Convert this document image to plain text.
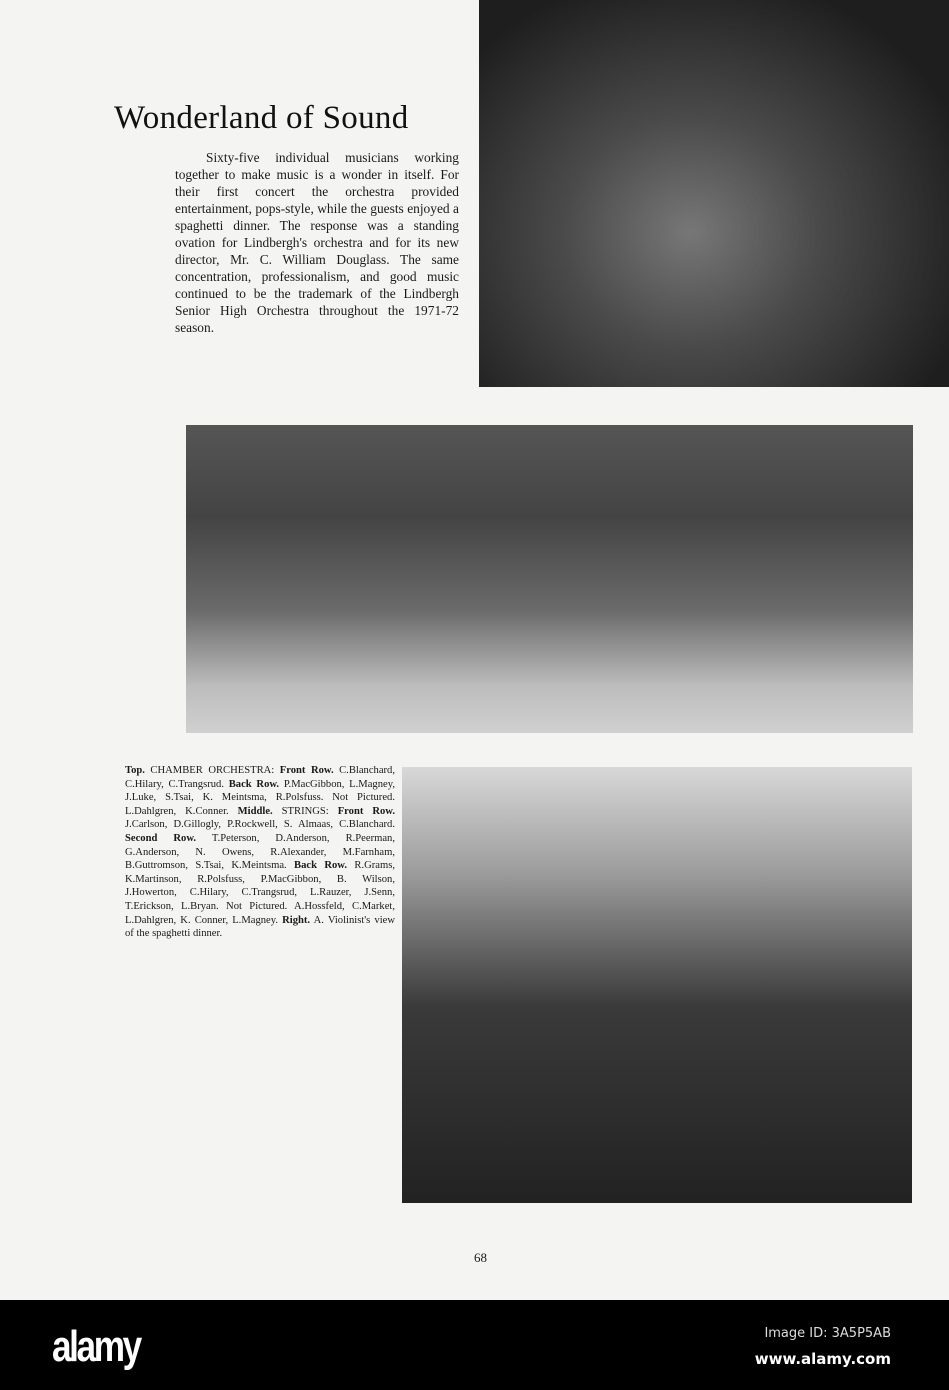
Wonderland of Sound

Sixty-five individual musicians working together to make music is a wonder in itself. For their first concert the orchestra provided entertainment, pops-style, while the guests enjoyed a spaghetti dinner. The response was a standing ovation for Lindbergh's orchestra and for its new director, Mr. C. William Douglass. The same concentration, professionalism, and good music continued to be the trademark of the Lindbergh Senior High Orchestra throughout the 1971-72 season.

Top. CHAMBER ORCHESTRA: Front Row. C.Blanchard, C.Hilary, C.Trangsrud. Back Row. P.MacGibbon, L.Magney, J.Luke, S.Tsai, K. Meintsma, R.Polsfuss. Not Pictured. L.Dahlgren, K.Conner. Middle. STRINGS: Front Row. J.Carlson, D.Gillogly, P.Rockwell, S. Almaas, C.Blanchard. Second Row. T.Peterson, D.Anderson, R.Peerman, G.Anderson, N. Owens, R.Alexander, M.Farnham, B.Guttromson, S.Tsai, K.Meintsma. Back Row. R.Grams, K.Martinson, R.Polsfuss, P.MacGibbon, B. Wilson, J.Howerton, C.Hilary, C.Trangsrud, L.Rauzer, J.Senn, T.Erickson, L.Bryan. Not Pictured. A.Hossfeld, C.Market, L.Dahlgren, K. Conner, L.Magney. Right. A. Violinist's view of the spaghetti dinner.

68
alamy	Image ID: 3A5P5AB
www.alamy.com
